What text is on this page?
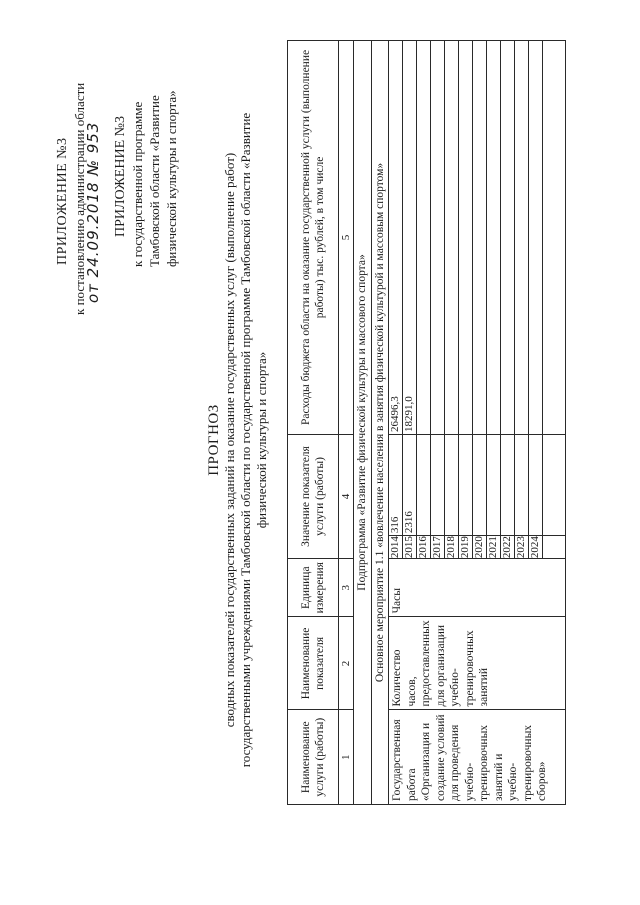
ПРИЛОЖЕНИЕ №3 к постановлению администрации области
от 24.09.2018 № 953 ПРИЛОЖЕНИЕ №3 к государственной программе Тамбовской области «Развитие физической культуры и спорта»
ПРОГНОЗ сводных показателей государственных заданий на оказание государственных услуг (выполнение работ) государственными учреждениями Тамбовской области по государственной программе Тамбовской области «Развитие физической культуры и спорта»
Наименование услуги (работы)	Наименование показателя	Единица измерения	Значение показателя услуги (работы)		Расходы бюджета области на оказание государственной услуги (выполнение работы) тыс. рублей, в том числе
1	2	3	4		5
Подпрограмма «Развитие физической культуры и массового спорта»					
Основное мероприятие 1.1 «вовлечение населения в занятия физической культурой и массовым спортом»					
Государственная работа «Организация и создание условий для проведения учебно-тренировочных занятий и учебно-тренировочных сборов»	Количество часов, предоставленных для организации учебно-тренировочных занятий	Часы	2014	316	26496,3
			2015	2316	18291,0
			2016		
			2017		
			2018		
			2019		
			2020		
			2021		
			2022		
			2023		
			2024		
